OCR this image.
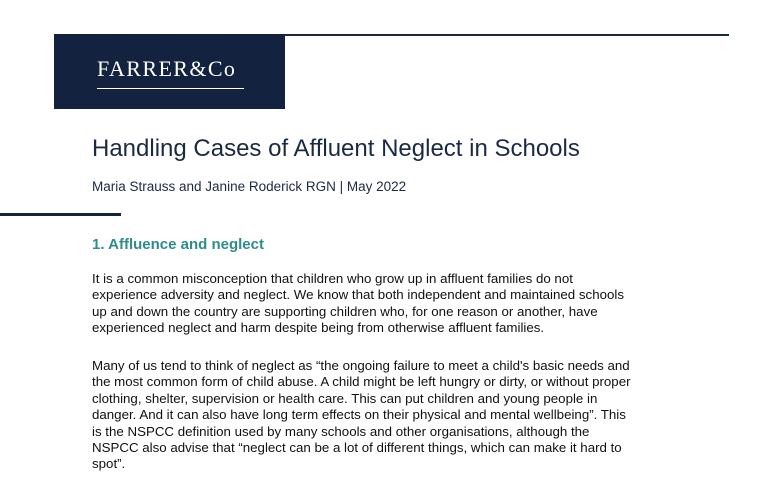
FARRER&Co
Handling Cases of Affluent Neglect in Schools
Maria Strauss and Janine Roderick RGN | May 2022
1. Affluence and neglect
It is a common misconception that children who grow up in affluent families do not
experience adversity and neglect. We know that both independent and maintained schools
up and down the country are supporting children who, for one reason or another, have
experienced neglect and harm despite being from otherwise affluent families.
Many of us tend to think of neglect as “the ongoing failure to meet a child's basic needs and
the most common form of child abuse. A child might be left hungry or dirty, or without proper
clothing, shelter, supervision or health care. This can put children and young people in
danger. And it can also have long term effects on their physical and mental wellbeing”. This
is the NSPCC definition used by many schools and other organisations, although the
NSPCC also advise that “neglect can be a lot of different things, which can make it hard to
spot”.
